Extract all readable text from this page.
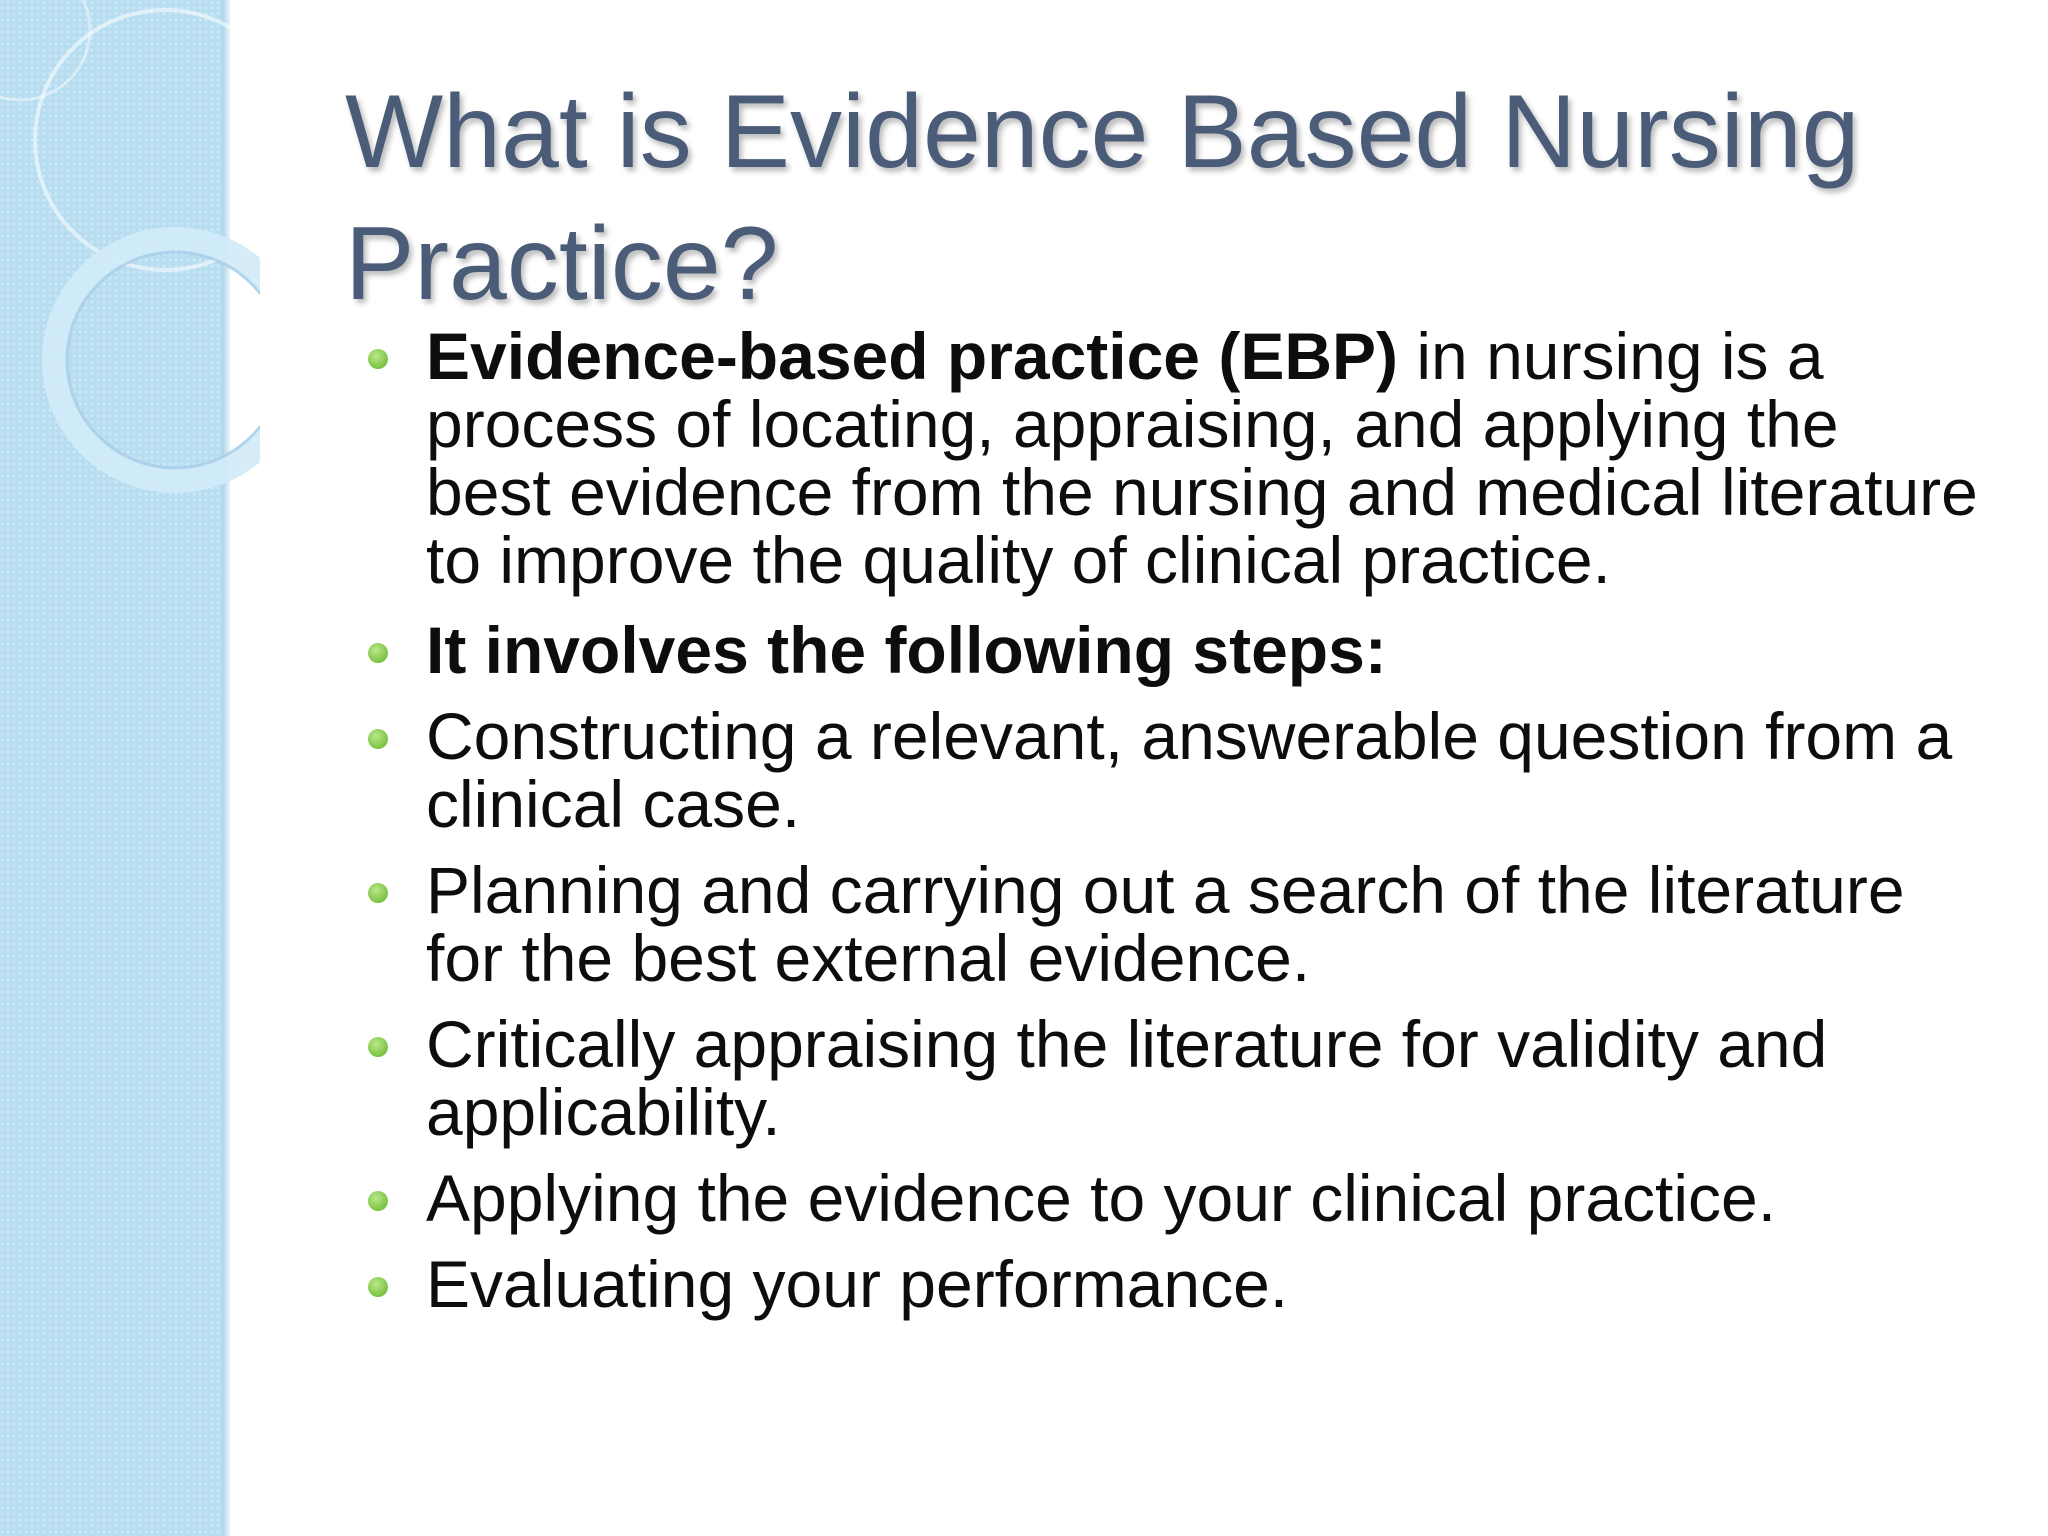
What is Evidence Based Nursing Practice?
Evidence-based practice (EBP) in nursing is a process of locating, appraising, and applying the best evidence from the nursing and medical literature to improve the quality of clinical practice.
It involves the following steps:
Constructing a relevant, answerable question from a clinical case.
Planning and carrying out a search of the literature for the best external evidence.
Critically appraising the literature for validity and applicability.
Applying the evidence to your clinical practice.
Evaluating your performance.
